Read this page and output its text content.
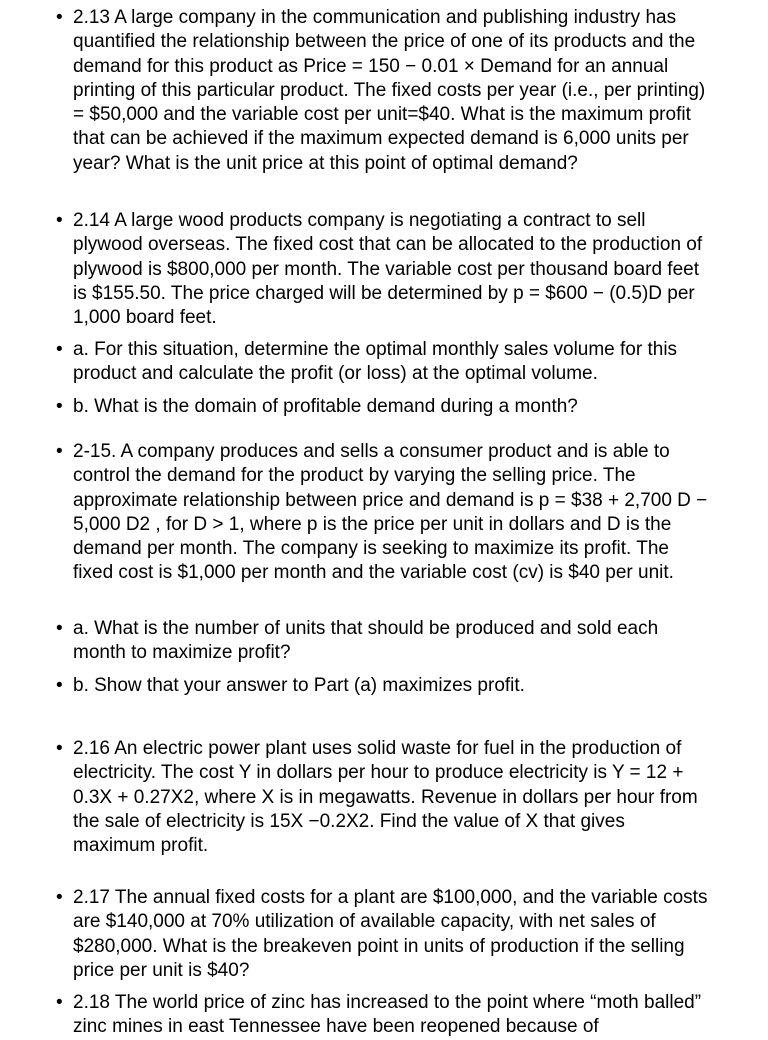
• 2.13 A large company in the communication and publishing industry has quantified the relationship between the price of one of its products and the demand for this product as Price = 150 − 0.01 × Demand for an annual printing of this particular product. The fixed costs per year (i.e., per printing) = $50,000 and the variable cost per unit=$40. What is the maximum profit that can be achieved if the maximum expected demand is 6,000 units per year? What is the unit price at this point of optimal demand?
• 2.14 A large wood products company is negotiating a contract to sell plywood overseas. The fixed cost that can be allocated to the production of plywood is $800,000 per month. The variable cost per thousand board feet is $155.50. The price charged will be determined by p = $600 − (0.5)D per 1,000 board feet.
• a. For this situation, determine the optimal monthly sales volume for this product and calculate the profit (or loss) at the optimal volume.
• b. What is the domain of profitable demand during a month?
• 2-15. A company produces and sells a consumer product and is able to control the demand for the product by varying the selling price. The approximate relationship between price and demand is p = $38 + 2,700 D − 5,000 D2 , for D > 1, where p is the price per unit in dollars and D is the demand per month. The company is seeking to maximize its profit. The fixed cost is $1,000 per month and the variable cost (cv) is $40 per unit.
• a. What is the number of units that should be produced and sold each month to maximize profit?
• b. Show that your answer to Part (a) maximizes profit.
• 2.16 An electric power plant uses solid waste for fuel in the production of electricity. The cost Y in dollars per hour to produce electricity is Y = 12 + 0.3X + 0.27X2, where X is in megawatts. Revenue in dollars per hour from the sale of electricity is 15X −0.2X2. Find the value of X that gives maximum profit.
• 2.17 The annual fixed costs for a plant are $100,000, and the variable costs are $140,000 at 70% utilization of available capacity, with net sales of $280,000. What is the breakeven point in units of production if the selling price per unit is $40?
• 2.18 The world price of zinc has increased to the point where “moth balled” zinc mines in east Tennessee have been reopened because of
